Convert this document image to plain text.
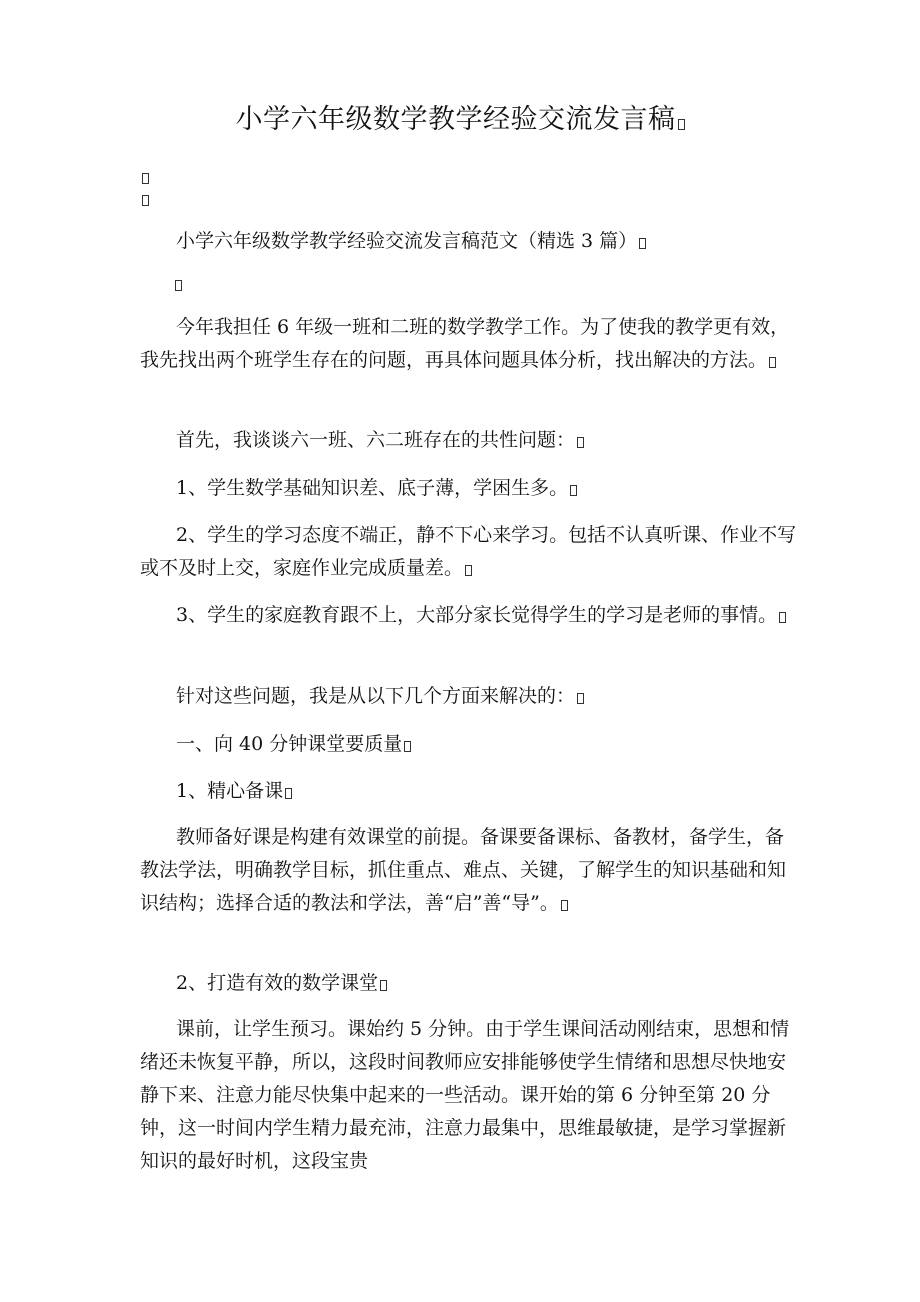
小学六年级数学教学经验交流发言稿

小学六年级数学教学经验交流发言稿范文（精选 3 篇）

今年我担任 6 年级一班和二班的数学教学工作。为了使我的教学更有效，我先找出两个班学生存在的问题，再具体问题具体分析，找出解决的方法。

首先，我谈谈六一班、六二班存在的共性问题：

1、学生数学基础知识差、底子薄，学困生多。

2、学生的学习态度不端正，静不下心来学习。包括不认真听课、作业不写或不及时上交，家庭作业完成质量差。

3、学生的家庭教育跟不上，大部分家长觉得学生的学习是老师的事情。

针对这些问题，我是从以下几个方面来解决的：

一、向 40 分钟课堂要质量

1、精心备课

教师备好课是构建有效课堂的前提。备课要备课标、备教材，备学生，备教法学法，明确教学目标，抓住重点、难点、关键，了解学生的知识基础和知识结构；选择合适的教法和学法，善“启”善“导”。

2、打造有效的数学课堂

课前，让学生预习。课始约 5 分钟。由于学生课间活动刚结束，思想和情绪还未恢复平静，所以，这段时间教师应安排能够使学生情绪和思想尽快地安静下来、注意力能尽快集中起来的一些活动。课开始的第 6 分钟至第 20 分钟，这一时间内学生精力最充沛，注意力最集中，思维最敏捷，是学习掌握新知识的最好时机，这段宝贵
